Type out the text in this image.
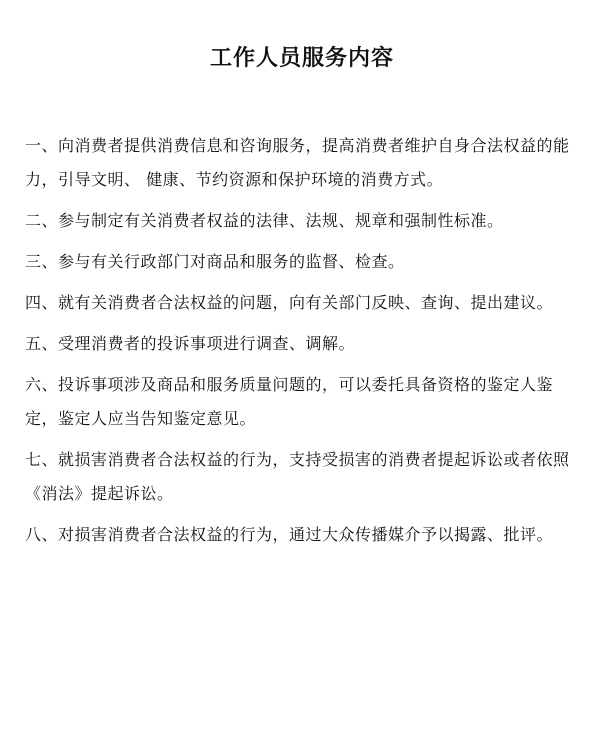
工作人员服务内容
一、向消费者提供消费信息和咨询服务，提高消费者维护自身合法权益的能力，引导文明、 健康、节约资源和保护环境的消费方式。
二、参与制定有关消费者权益的法律、法规、规章和强制性标准。
三、参与有关行政部门对商品和服务的监督、检查。
四、就有关消费者合法权益的问题，向有关部门反映、查询、提出建议。
五、受理消费者的投诉事项进行调查、调解。
六、投诉事项涉及商品和服务质量问题的，可以委托具备资格的鉴定人鉴定，鉴定人应当告知鉴定意见。
七、就损害消费者合法权益的行为，支持受损害的消费者提起诉讼或者依照《消法》提起诉讼。
八、对损害消费者合法权益的行为，通过大众传播媒介予以揭露、批评。
